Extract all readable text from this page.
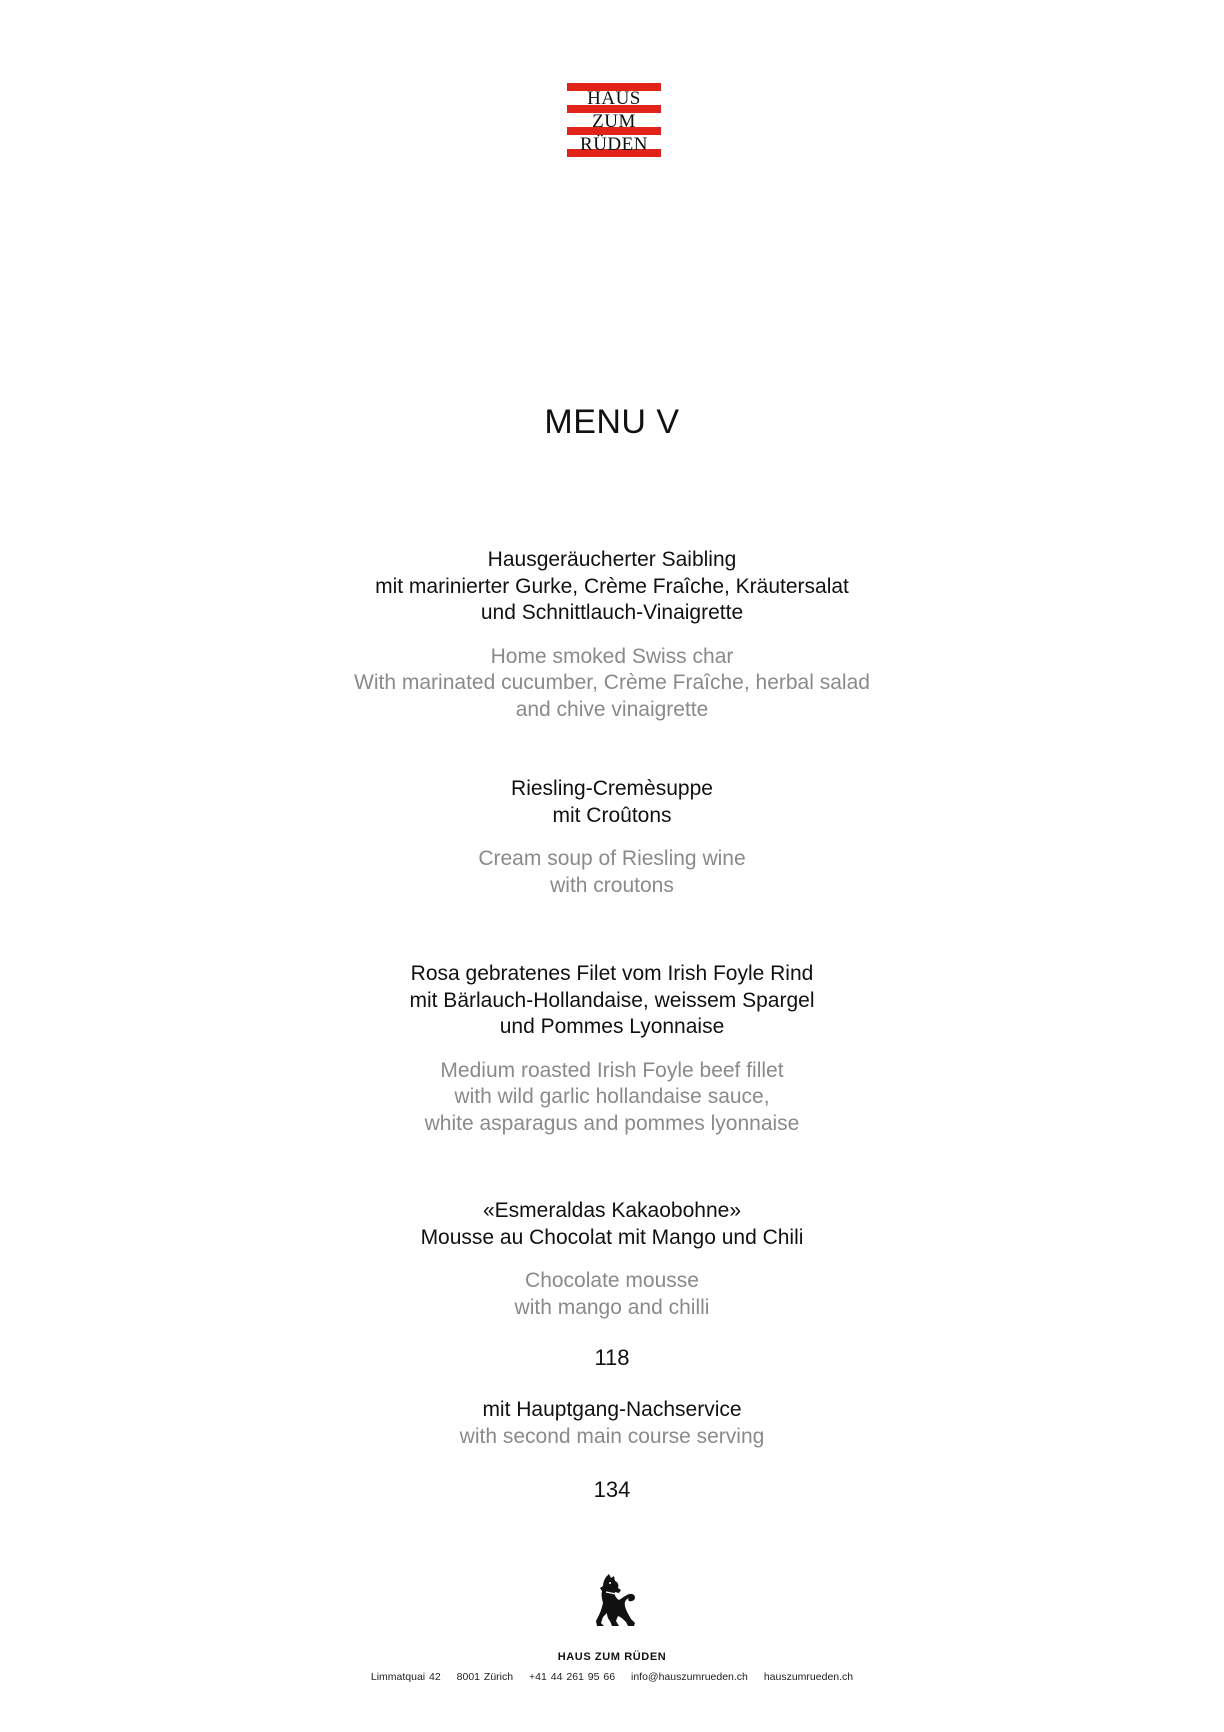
HAUS
ZUM
RÜDEN
MENU V
Hausgeräucherter Saibling
mit marinierter Gurke, Crème Fraîche, Kräutersalat
und Schnittlauch-Vinaigrette
Home smoked Swiss char
With marinated cucumber, Crème Fraîche, herbal salad
and chive vinaigrette
Riesling-Cremèsuppe
mit Croûtons
Cream soup of Riesling wine
with croutons
Rosa gebratenes Filet vom Irish Foyle Rind
mit Bärlauch-Hollandaise, weissem Spargel
und Pommes Lyonnaise
Medium roasted Irish Foyle beef fillet
with wild garlic hollandaise sauce,
white asparagus and pommes lyonnaise
«Esmeraldas Kakaobohne»
Mousse au Chocolat mit Mango und Chili
Chocolate mousse
with mango and chilli
118
mit Hauptgang-Nachservice
with second main course serving
134
HAUS ZUM RÜDEN
Limmatquai 42 8001 Zürich +41 44 261 95 66 info@hauszumrueden.ch hauszumrueden.ch
